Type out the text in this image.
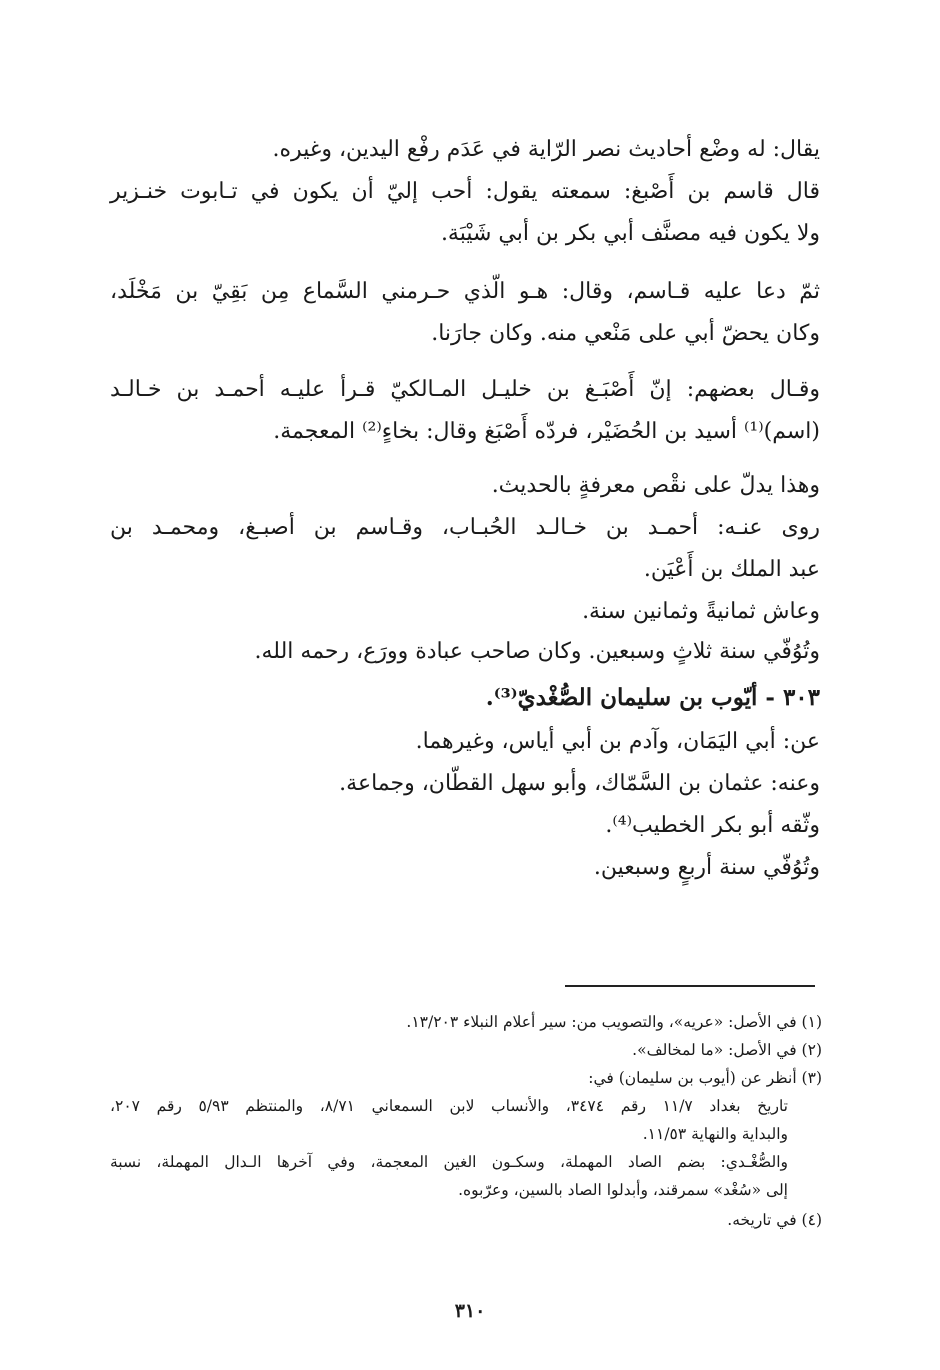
يقال: له وضْع أحاديث نصر الرّاية في عَدَم رفْع اليدين، وغيره.
قال قاسم بن أَصْبغ: سمعته يقول: أحب إليّ أن يكون في تـابوت خنـزير
ولا يكون فيه مصنَّف أبي بكر بن أبي شَيْبَة.
ثمّ دعا عليه قـاسم، وقال: هـو الّذي حـرمني السَّماع مِن بَقِيّ بن مَخْلَد،
وكان يحضّ أبي على مَنْعي منه. وكان جارَنا.
وقـال بعضهم: إنّ أَصْبَـغ بن خليـل المـالكيّ قـرأ عليـه أحمـد بن خـالـد
(اسم)⁽¹⁾ أسيد بن الحُضَيْر، فردّه أَصْبَغ وقال: بخاءٍ⁽²⁾ المعجمة.
وهذا يدلّ على نقْص معرفةٍ بالحديث.
روى عنـه: أحمـد بن خـالـد الحُبـاب، وقـاسم بن أصبـغ، ومحمـد بن
عبد الملك بن أَعْيَن.
وعاش ثمانيةً وثمانين سنة.
وتُوُفّي سنة ثلاثٍ وسبعين. وكان صاحب عبادة وورَع، رحمه الله.
٣٠٣ - أيّوب بن سليمان الصُّغْديّ⁽³⁾.
عن: أبي اليَمَان، وآدم بن أبي أياس، وغيرهما.
وعنه: عثمان بن السَّمّاك، وأبو سهل القطّان، وجماعة.
وثّقه أبو بكر الخطيب⁽⁴⁾.
وتُوُفّي سنة أربعٍ وسبعين.
(١) في الأصل: «عريه»، والتصويب من: سير أعلام النبلاء ١٣/٢٠٣.
(٢) في الأصل: «ما لمخالف».
(٣) أنظر عن (أيوب بن سليمان) في:
تاريخ بغداد ١١/٧ رقم ٣٤٧٤، والأنساب لابن السمعاني ٨/٧١، والمنتظم ٥/٩٣ رقم ٢٠٧،
والبداية والنهاية ١١/٥٣.
والصُّغْـدي: بضم الصاد المهملة، وسكـون الغين المعجمة، وفي آخرها الـدال المهملة، نسبة
إلى «سُغْد» سمرقند، وأبدلوا الصاد بالسين، وعرّبوه.
(٤) في تاريخه.
٣١٠
